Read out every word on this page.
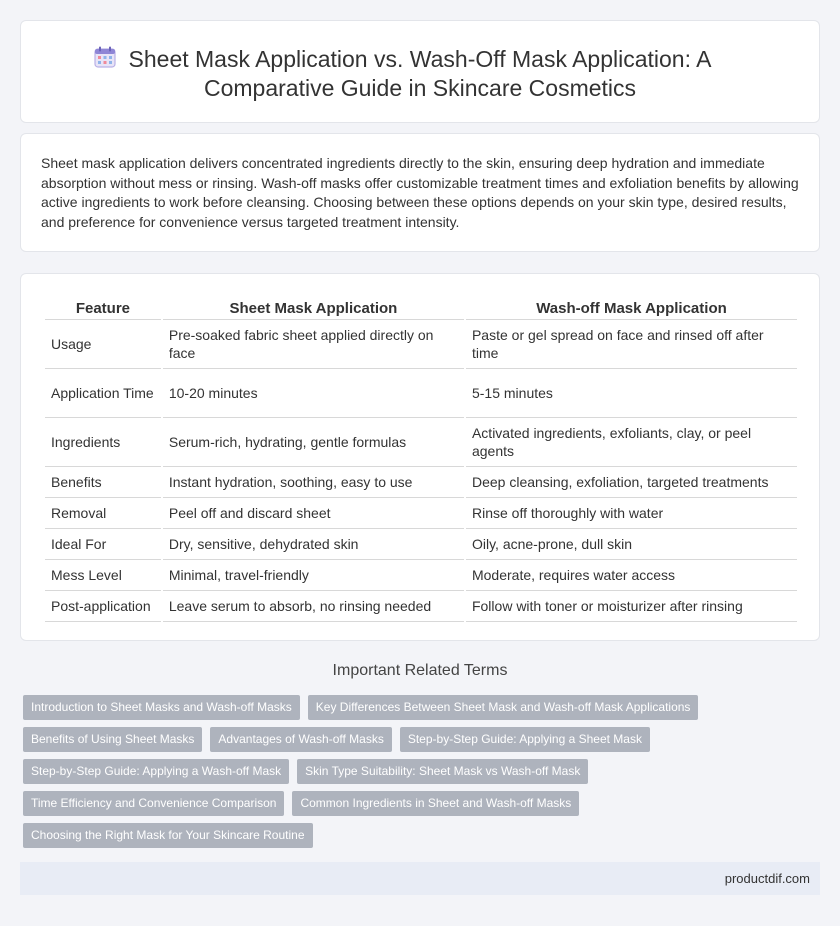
Sheet Mask Application vs. Wash-Off Mask Application: A Comparative Guide in Skincare Cosmetics

Sheet mask application delivers concentrated ingredients directly to the skin, ensuring deep hydration and immediate absorption without mess or rinsing. Wash-off masks offer customizable treatment times and exfoliation benefits by allowing active ingredients to work before cleansing. Choosing between these options depends on your skin type, desired results, and preference for convenience versus targeted treatment intensity.

Feature	Sheet Mask Application	Wash-off Mask Application
Usage	Pre-soaked fabric sheet applied directly on face	Paste or gel spread on face and rinsed off after time
Application Time	10-20 minutes	5-15 minutes
Ingredients	Serum-rich, hydrating, gentle formulas	Activated ingredients, exfoliants, clay, or peel agents
Benefits	Instant hydration, soothing, easy to use	Deep cleansing, exfoliation, targeted treatments
Removal	Peel off and discard sheet	Rinse off thoroughly with water
Ideal For	Dry, sensitive, dehydrated skin	Oily, acne-prone, dull skin
Mess Level	Minimal, travel-friendly	Moderate, requires water access
Post-application	Leave serum to absorb, no rinsing needed	Follow with toner or moisturizer after rinsing
Important Related Terms
Introduction to Sheet Masks and Wash-off Masks	Key Differences Between Sheet Mask and Wash-off Mask Applications
Benefits of Using Sheet Masks	Advantages of Wash-off Masks	Step-by-Step Guide: Applying a Sheet Mask
Step-by-Step Guide: Applying a Wash-off Mask	Skin Type Suitability: Sheet Mask vs Wash-off Mask
Time Efficiency and Convenience Comparison	Common Ingredients in Sheet and Wash-off Masks
Choosing the Right Mask for Your Skincare Routine
productdif.com
